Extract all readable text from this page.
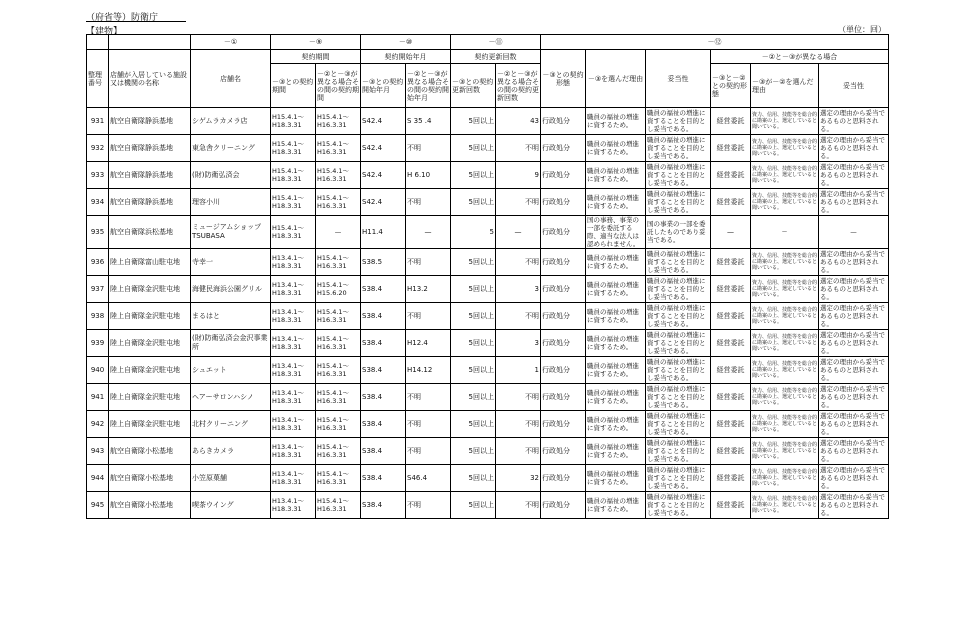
（府省等）防衛庁
【建物】	（単位：回）
		－①	－⑨		－⑩		－⑪		－⑫					
整理番号	店舗が入居している施設又は機関の名称	店舗名	契約期間		契約開始年月		契約更新回数		－③との契約形態	－③を選んだ理由	妥当性	－②と－③が異なる場合		
			－③との契約期間	－②と－③が異なる場合その間の契約期間	－③との契約開始年月	－②と－③が異なる場合その間の契約開始年月	－③との契約更新回数	－②と－③が異なる場合その間の契約更新回数				－③と－②との契約形態	－③が－②を選んだ理由	妥当性
931	航空自衛隊静浜基地	シゲムラカメラ店	H15.4.1～ H18.3.31	H15.4.1～ H16.3.31	S42.4	S 35 .4	5回以上	43	行政処分	職員の福祉の増進に資するため。	職員の福祉の増進に資することを目的とし妥当である。	経営委託	資力、信用、技能等を総合的に勘案の上、選定していると聞いている。	選定の理由から妥当であるものと思料される。
932	航空自衛隊静浜基地	東急舎クリーニング	H15.4.1～ H18.3.31	H15.4.1～ H16.3.31	S42.4	不明	5回以上	不明	行政処分	職員の福祉の増進に資するため。	職員の福祉の増進に資することを目的とし妥当である。	経営委託	資力、信用、技能等を総合的に勘案の上、選定していると聞いている。	選定の理由から妥当であるものと思料される。
933	航空自衛隊静浜基地	(財)防衛弘済会	H15.4.1～ H18.3.31	H15.4.1～ H16.3.31	S42.4	H 6.10	5回以上	9	行政処分	職員の福祉の増進に資するため。	職員の福祉の増進に資することを目的とし妥当である。	経営委託	資力、信用、技能等を総合的に勘案の上、選定していると聞いている。	選定の理由から妥当であるものと思料される。
934	航空自衛隊静浜基地	理容小川	H15.4.1～ H18.3.31	H15.4.1～ H16.3.31	S42.4	不明	5回以上	不明	行政処分	職員の福祉の増進に資するため。	職員の福祉の増進に資することを目的とし妥当である。	経営委託	資力、信用、技能等を総合的に勘案の上、選定していると聞いている。	選定の理由から妥当であるものと思料される。
935	航空自衛隊浜松基地	ミュージアムショップTSUBASA	H15.4.1～ H18.3.31	—	H11.4	—	5	—	行政処分	国の事務、事業の一部を委託する際、適当な法人は認められません。	国の事業の一部を委託したものであり妥当である。	—	—	—
936	陸上自衛隊富山駐屯地	寺幸一	H13.4.1～ H18.3.31	H15.4.1～ H16.3.31	S38.5	不明	5回以上	不明	行政処分	職員の福祉の増進に資するため。	職員の福祉の増進に資することを目的とし妥当である。	経営委託	資力、信用、技能等を総合的に勘案の上、選定していると聞いている。	選定の理由から妥当であるものと思料される。
937	陸上自衛隊金沢駐屯地	海健民海浜公園グリル	H13.4.1～ H18.3.31	H15.4.1～ H15.6.20	S38.4	H13.2	5回以上	3	行政処分	職員の福祉の増進に資するため。	職員の福祉の増進に資することを目的とし妥当である。	経営委託	資力、信用、技能等を総合的に勘案の上、選定していると聞いている。	選定の理由から妥当であるものと思料される。
938	陸上自衛隊金沢駐屯地	まるはと	H13.4.1～ H18.3.31	H15.4.1～ H16.3.31	S38.4	不明	5回以上	不明	行政処分	職員の福祉の増進に資するため。	職員の福祉の増進に資することを目的とし妥当である。	経営委託	資力、信用、技能等を総合的に勘案の上、選定していると聞いている。	選定の理由から妥当であるものと思料される。
939	陸上自衛隊金沢駐屯地	(財)防衛弘済会金沢事業所	H13.4.1～ H18.3.31	H15.4.1～ H16.3.31	S38.4	H12.4	5回以上	3	行政処分	職員の福祉の増進に資するため。	職員の福祉の増進に資することを目的とし妥当である。	経営委託	資力、信用、技能等を総合的に勘案の上、選定していると聞いている。	選定の理由から妥当であるものと思料される。
940	陸上自衛隊金沢駐屯地	シュエット	H13.4.1～ H18.3.31	H15.4.1～ H16.3.31	S38.4	H14.12	5回以上	1	行政処分	職員の福祉の増進に資するため。	職員の福祉の増進に資することを目的とし妥当である。	経営委託	資力、信用、技能等を総合的に勘案の上、選定していると聞いている。	選定の理由から妥当であるものと思料される。
941	陸上自衛隊金沢駐屯地	ヘアーサロンハシノ	H13.4.1～ H18.3.31	H15.4.1～ H16.3.31	S38.4	不明	5回以上	不明	行政処分	職員の福祉の増進に資するため。	職員の福祉の増進に資することを目的とし妥当である。	経営委託	資力、信用、技能等を総合的に勘案の上、選定していると聞いている。	選定の理由から妥当であるものと思料される。
942	陸上自衛隊金沢駐屯地	北村クリーニング	H13.4.1～ H18.3.31	H15.4.1～ H16.3.31	S38.4	不明	5回以上	不明	行政処分	職員の福祉の増進に資するため。	職員の福祉の増進に資することを目的とし妥当である。	経営委託	資力、信用、技能等を総合的に勘案の上、選定していると聞いている。	選定の理由から妥当であるものと思料される。
943	航空自衛隊小松基地	あらきカメラ	H13.4.1～ H18.3.31	H15.4.1～ H16.3.31	S38.4	不明	5回以上	不明	行政処分	職員の福祉の増進に資するため。	職員の福祉の増進に資することを目的とし妥当である。	経営委託	資力、信用、技能等を総合的に勘案の上、選定していると聞いている。	選定の理由から妥当であるものと思料される。
944	航空自衛隊小松基地	小笠原菓舗	H13.4.1～ H18.3.31	H15.4.1～ H16.3.31	S38.4	S46.4	5回以上	32	行政処分	職員の福祉の増進に資するため。	職員の福祉の増進に資することを目的とし妥当である。	経営委託	資力、信用、技能等を総合的に勘案の上、選定していると聞いている。	選定の理由から妥当であるものと思料される。
945	航空自衛隊小松基地	喫茶ウイング	H13.4.1～ H18.3.31	H15.4.1～ H16.3.31	S38.4	不明	5回以上	不明	行政処分	職員の福祉の増進に資するため。	職員の福祉の増進に資することを目的とし妥当である。	経営委託	資力、信用、技能等を総合的に勘案の上、選定していると聞いている。	選定の理由から妥当であるものと思料される。
